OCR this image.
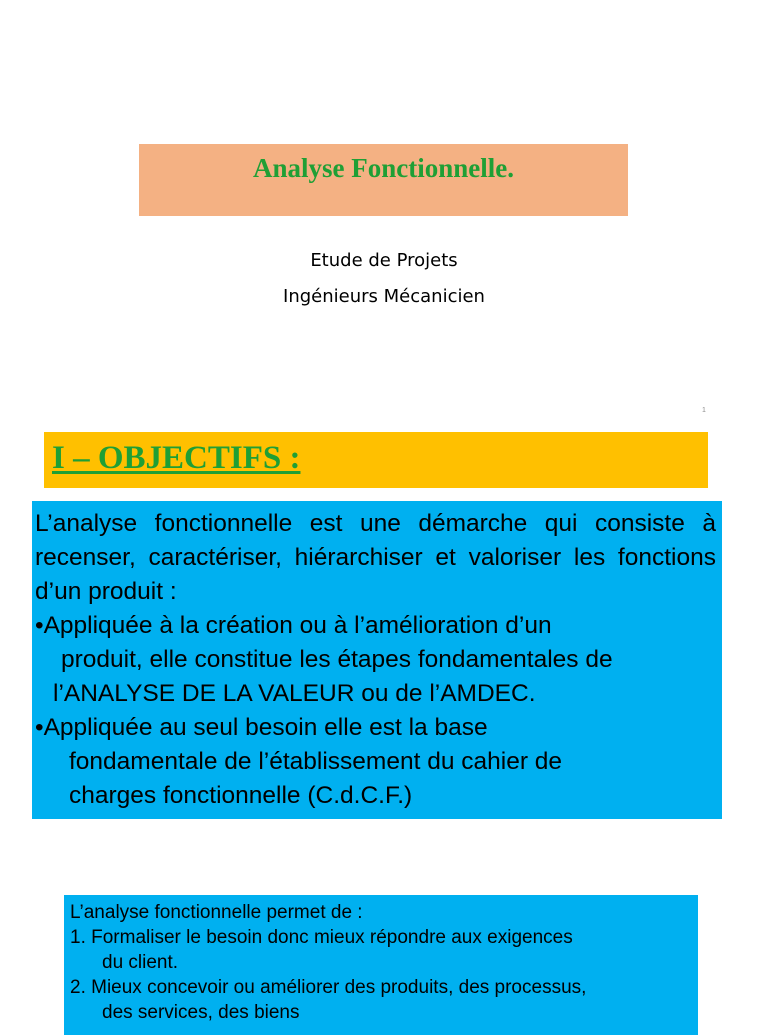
Analyse Fonctionnelle.

Etude de Projets

Ingénieurs Mécanicien

1
I – OBJECTIFS :

L’analyse fonctionnelle est une démarche qui consiste à recenser, caractériser, hiérarchiser et valoriser les fonctions d’un produit :

•Appliquée à la création ou à l’amélioration d’un
produit, elle constitue les étapes fondamentales de
l’ANALYSE DE LA VALEUR ou de l’AMDEC.
•Appliquée au seul besoin elle est la base
fondamentale de l’établissement du cahier de
charges fonctionnelle (C.d.C.F.)
L’analyse fonctionnelle permet de :
1. Formaliser le besoin donc mieux répondre aux exigences
du client.
2. Mieux concevoir ou améliorer des produits, des processus,
des services, des biens
